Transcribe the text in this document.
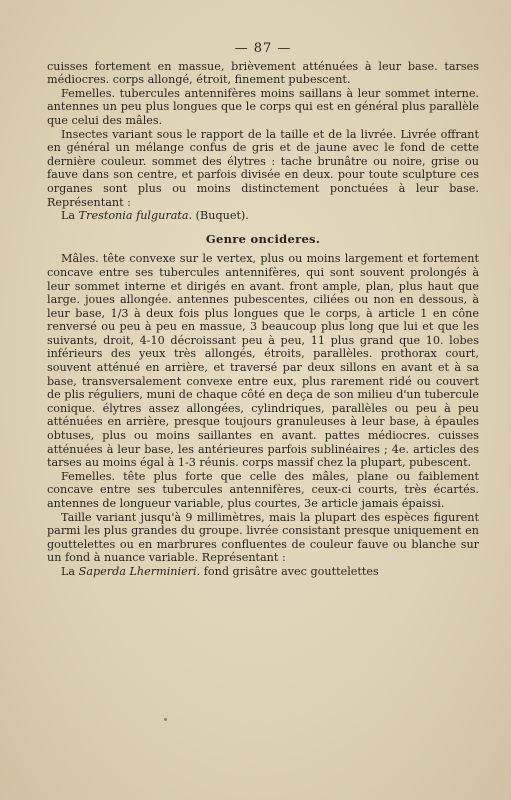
— 87 —

cuisses fortement en massue, brièvement atténuées à leur base. tarses médiocres. corps allongé, étroit, finement pubescent.

Femelles. tubercules antennifères moins saillans à leur sommet interne. antennes un peu plus longues que le corps qui est en général plus parallèle que celui des mâles.

Insectes variant sous le rapport de la taille et de la livrée. Livrée offrant en général un mélange confus de gris et de jaune avec le fond de cette dernière couleur. sommet des élytres : tache brunâtre ou noire, grise ou fauve dans son centre, et parfois divisée en deux. pour toute sculpture ces organes sont plus ou moins distinctement ponctuées à leur base. Représentant :

La Trestonia fulgurata. (Buquet).

Genre oncideres.

Mâles. tête convexe sur le vertex, plus ou moins largement et fortement concave entre ses tubercules antennifères, qui sont souvent prolongés à leur sommet interne et dirigés en avant. front ample, plan, plus haut que large. joues allongée. antennes pubescentes, ciliées ou non en dessous, à leur base, 1/3 à deux fois plus longues que le corps, à article 1 en cône renversé ou peu à peu en massue, 3 beaucoup plus long que lui et que les suivants, droit, 4-10 décroissant peu à peu, 11 plus grand que 10. lobes inférieurs des yeux très allongés, étroits, parallèles. prothorax court, souvent atténué en arrière, et traversé par deux sillons en avant et à sa base, transversalement convexe entre eux, plus rarement ridé ou couvert de plis réguliers, muni de chaque côté en deça de son milieu d'un tubercule conique. élytres assez allongées, cylindriques, parallèles ou peu à peu atténuées en arrière, presque toujours granuleuses à leur base, à épaules obtuses, plus ou moins saillantes en avant. pattes médiocres. cuisses atténuées à leur base, les antérieures parfois sublinéaires ; 4e. articles des tarses au moins égal à 1-3 réunis. corps massif chez la plupart, pubescent.

Femelles. tête plus forte que celle des mâles, plane ou faiblement concave entre ses tubercules antennifères, ceux-ci courts, très écartés. antennes de longueur variable, plus courtes, 3e article jamais épaissi.

Taille variant jusqu'à 9 millimètres, mais la plupart des espèces figurent parmi les plus grandes du groupe. livrée consistant presque uniquement en gouttelettes ou en marbrures confluentes de couleur fauve ou blanche sur un fond à nuance variable. Représentant :

La Saperda Lherminieri. fond grisâtre avec gouttelettes
